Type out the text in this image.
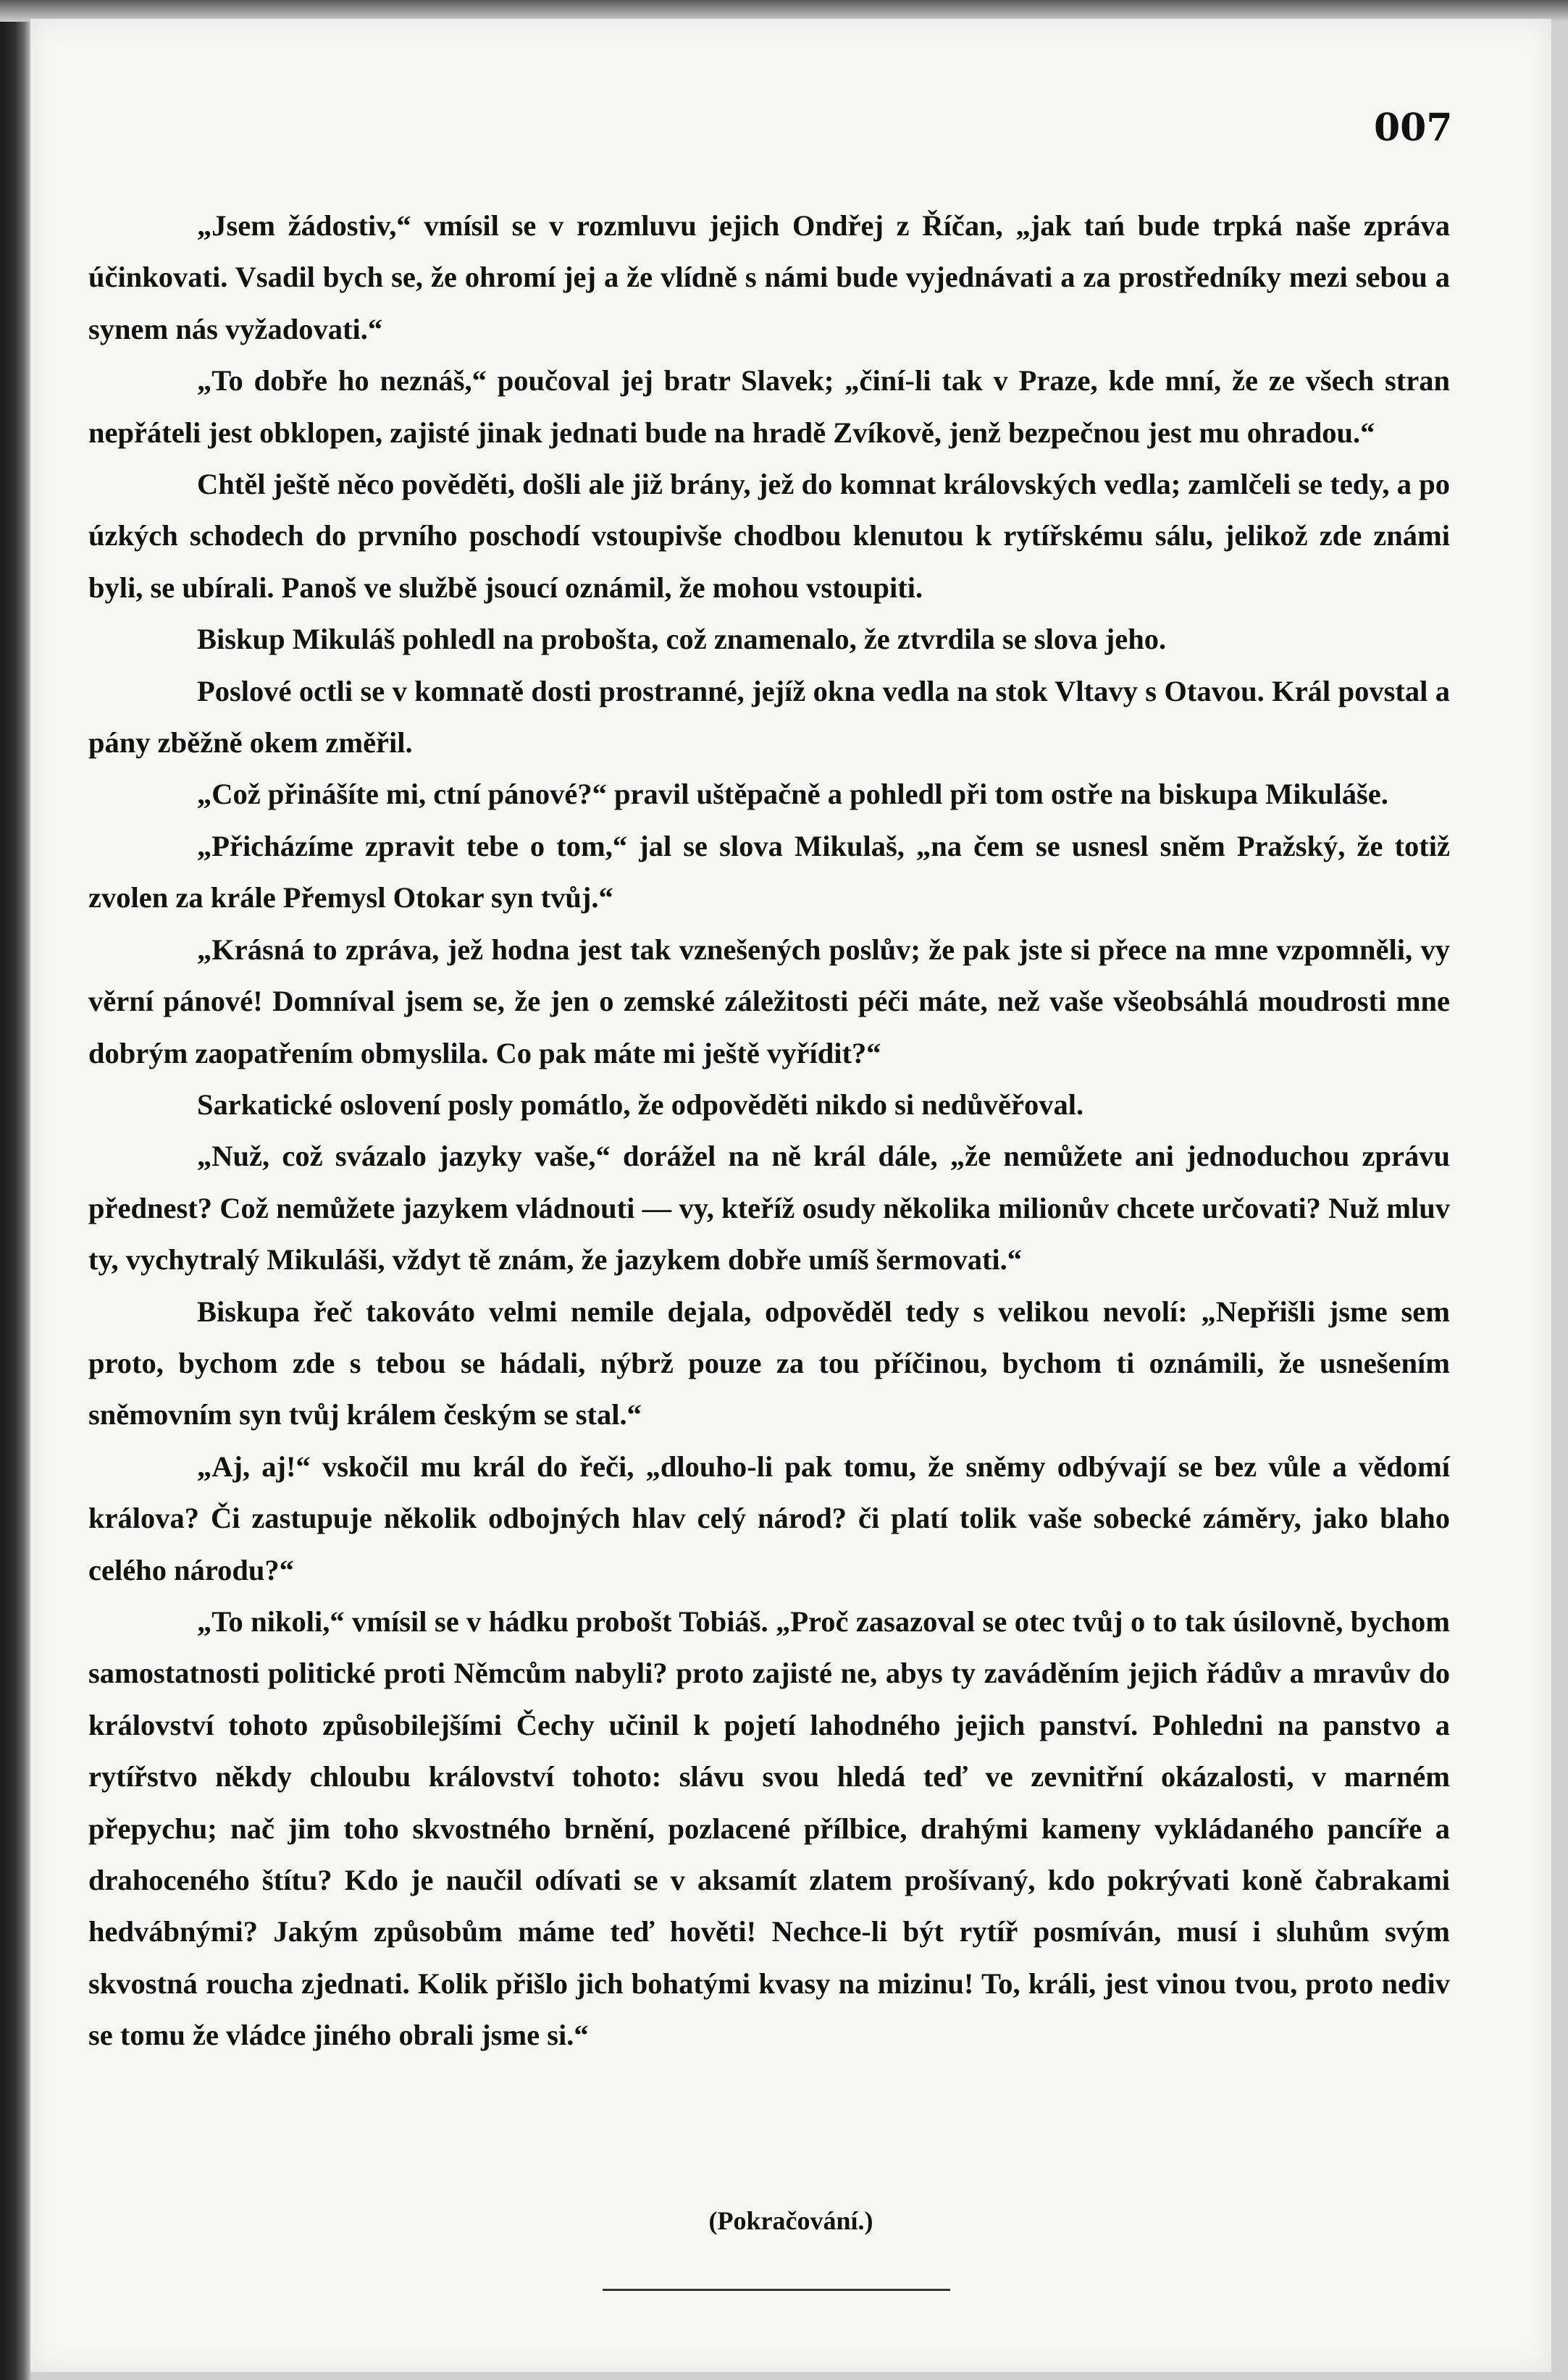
007

„Jsem žádostiv,“ vmísil se v rozmluvu jejich Ondřej z Říčan, „jak tań bude trpká naše zpráva účinkovati. Vsadil bych se, že ohromí jej a že vlídně s námi bude vyjednávati a za prostředníky mezi sebou a synem nás vyžadovati.“

„To dobře ho neznáš,“ poučoval jej bratr Slavek; „činí-li tak v Praze, kde mní, že ze všech stran nepřáteli jest obklopen, zajisté jinak jednati bude na hradě Zvíkově, jenž bezpečnou jest mu ohradou.“

Chtěl ještě něco pověděti, došli ale již brány, jež do komnat královských vedla; zamlčeli se tedy, a po úzkých schodech do prvního poschodí vstoupivše chodbou klenutou k rytířskému sálu, jelikož zde známi byli, se ubírali. Panoš ve službě jsoucí oznámil, že mohou vstoupiti.

Biskup Mikuláš pohledl na probošta, což znamenalo, že ztvrdila se slova jeho.

Poslové octli se v komnatě dosti prostranné, jejíž okna vedla na stok Vltavy s Otavou. Král povstal a pány zběžně okem změřil.

„Což přinášíte mi, ctní pánové?“ pravil uštěpačně a pohledl při tom ostře na biskupa Mikuláše.

„Přicházíme zpravit tebe o tom,“ jal se slova Mikulaš, „na čem se usnesl sněm Pražský, že totiž zvolen za krále Přemysl Otokar syn tvůj.“

„Krásná to zpráva, jež hodna jest tak vznešených poslův; že pak jste si přece na mne vzpomněli, vy věrní pánové! Domníval jsem se, že jen o zemské záležitosti péči máte, než vaše všeobsáhlá moudrosti mne dobrým zaopatřením obmyslila. Co pak máte mi ještě vyřídit?“

Sarkatické oslovení posly pomátlo, že odpověděti nikdo si nedůvěřoval.

„Nuž, což svázalo jazyky vaše,“ dorážel na ně král dále, „že nemůžete ani jednoduchou zprávu přednest? Což nemůžete jazykem vládnouti — vy, kteříž osudy několika milionův chcete určovati? Nuž mluv ty, vychytralý Mikuláši, vždyt tě znám, že jazykem dobře umíš šermovati.“

Biskupa řeč takováto velmi nemile dejala, odpověděl tedy s velikou nevolí: „Nepřišli jsme sem proto, bychom zde s tebou se hádali, nýbrž pouze za tou příčinou, bychom ti oznámili, že usnešením sněmovním syn tvůj králem českým se stal.“

„Aj, aj!“ vskočil mu král do řeči, „dlouho-li pak tomu, že sněmy odbývají se bez vůle a vědomí králova? Či zastupuje několik odbojných hlav celý národ? či platí tolik vaše sobecké záměry, jako blaho celého národu?“

„To nikoli,“ vmísil se v hádku probošt Tobiáš. „Proč zasazoval se otec tvůj o to tak úsilovně, bychom samostatnosti politické proti Němcům nabyli? proto zajisté ne, abys ty zaváděním jejich řádův a mravův do království tohoto způsobilejšími Čechy učinil k pojetí lahodného jejich panství. Pohledni na panstvo a rytířstvo někdy chloubu království tohoto: slávu svou hledá teď ve zevnitřní okázalosti, v marném přepychu; nač jim toho skvostného brnění, pozlacené přílbice, drahými kameny vykládaného pancíře a drahoceného štítu? Kdo je naučil odívati se v aksamít zlatem prošívaný, kdo pokrývati koně čabrakami hedvábnými? Jakým způsobům máme teď hověti! Nechce-li být rytíř posmíván, musí i sluhům svým skvostná roucha zjednati. Kolik přišlo jich bohatými kvasy na mizinu! To, králi, jest vinou tvou, proto nediv se tomu že vládce jiného obrali jsme si.“

(Pokračování.)
